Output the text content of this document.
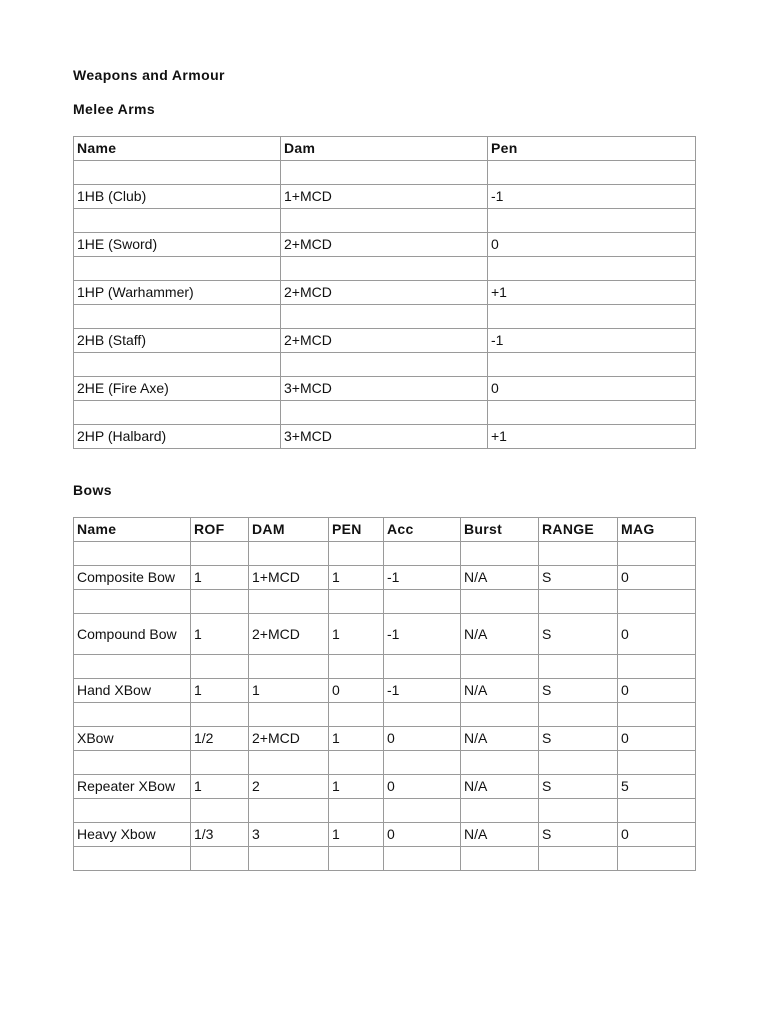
Weapons and Armour
Melee Arms
Name	Dam	Pen

1HB (Club)	1+MCD	-1

1HE (Sword)	2+MCD	0

1HP (Warhammer)	2+MCD	+1

2HB (Staff)	2+MCD	-1

2HE (Fire Axe)	3+MCD	0

2HP (Halbard)	3+MCD	+1
Bows
Name	ROF	DAM	PEN	Acc	Burst	RANGE	MAG

Composite Bow	1	1+MCD	1	-1	N/A	S	0

Compound Bow	1	2+MCD	1	-1	N/A	S	0

Hand XBow	1	1	0	-1	N/A	S	0

XBow	1/2	2+MCD	1	0	N/A	S	0

Repeater XBow	1	2	1	0	N/A	S	5

Heavy Xbow	1/3	3	1	0	N/A	S	0
